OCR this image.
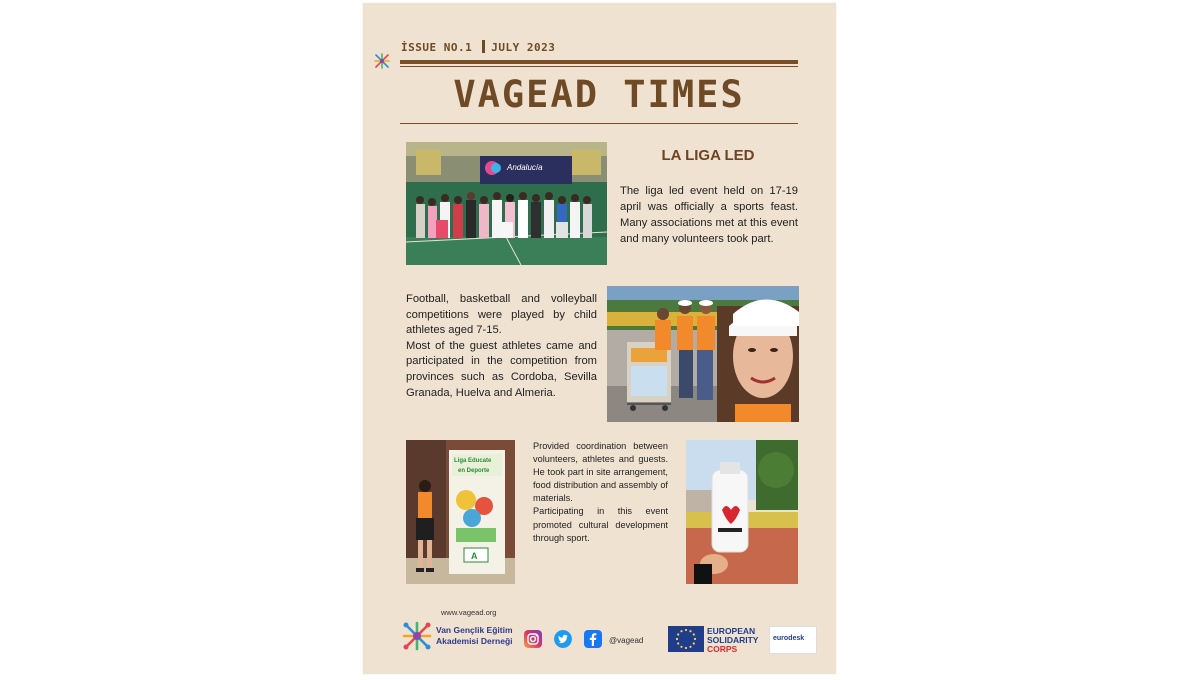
İSSUE NO.1 JULY 2023
VAGEAD TIMES
Andalucía
LA LIGA LED
The liga led event held on 17-19 april was officially a sports feast. Many associations met at this event and many volunteers took part.
Football, basketball and volleyball competitions were played by child athletes aged 7-15.
Most of the guest athletes came and participated in the competition from provinces such as Cordoba, Sevilla Granada, Huelva and Almeria.
Liga Educate
en Deporte
A
Provided coordination between volunteers, athletes and guests. He took part in site arrangement, food distribution and assembly of materials.
Participating in this event promoted cultural development through sport.
www.vagead.org
Van Gençlik Eğitim
Akademisi Derneği	@vagead
EUROPEAN
SOLIDARITY
CORPS
eurodesk
